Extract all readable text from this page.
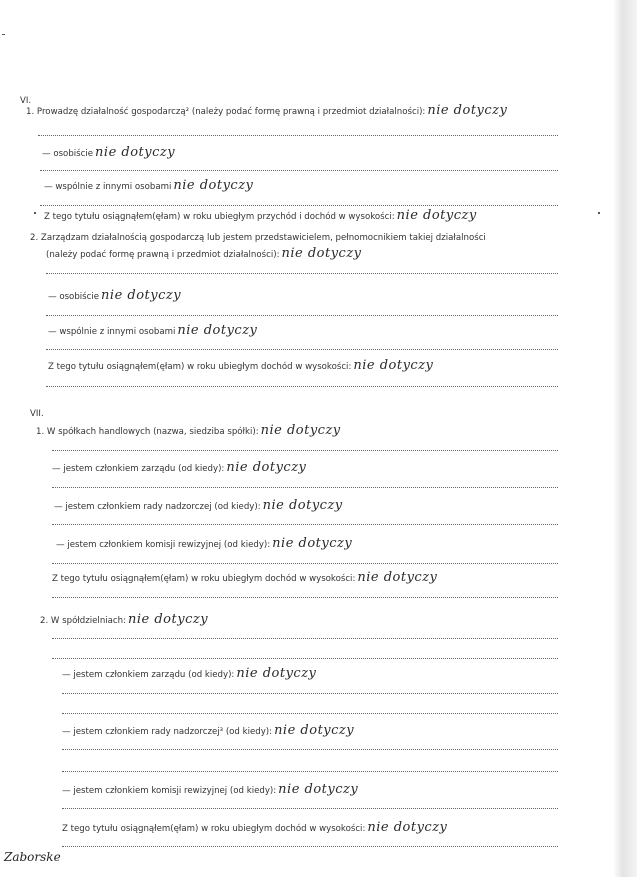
VI.
1. Prowadzę działalność gospodarczą² (należy podać formę prawną i przedmiot działalności): nie dotyczy
— osobiście nie dotyczy
— wspólnie z innymi osobami nie dotyczy
Z tego tytułu osiągnąłem(ęłam) w roku ubiegłym przychód i dochód w wysokości: nie dotyczy
2. Zarządzam działalnością gospodarczą lub jestem przedstawicielem, pełnomocnikiem takiej działalności
(należy podać formę prawną i przedmiot działalności): nie dotyczy
— osobiście nie dotyczy
— wspólnie z innymi osobami nie dotyczy
Z tego tytułu osiągnąłem(ęłam) w roku ubiegłym dochód w wysokości: nie dotyczy
VII.
1. W spółkach handlowych (nazwa, siedziba spółki): nie dotyczy
— jestem członkiem zarządu (od kiedy): nie dotyczy
— jestem członkiem rady nadzorczej (od kiedy): nie dotyczy
— jestem członkiem komisji rewizyjnej (od kiedy): nie dotyczy
Z tego tytułu osiągnąłem(ęłam) w roku ubiegłym dochód w wysokości: nie dotyczy
2. W spółdzielniach: nie dotyczy
— jestem członkiem zarządu (od kiedy): nie dotyczy
— jestem członkiem rady nadzorczej³ (od kiedy): nie dotyczy
— jestem członkiem komisji rewizyjnej (od kiedy): nie dotyczy
Z tego tytułu osiągnąłem(ęłam) w roku ubiegłym dochód w wysokości: nie dotyczy
Zaborske
